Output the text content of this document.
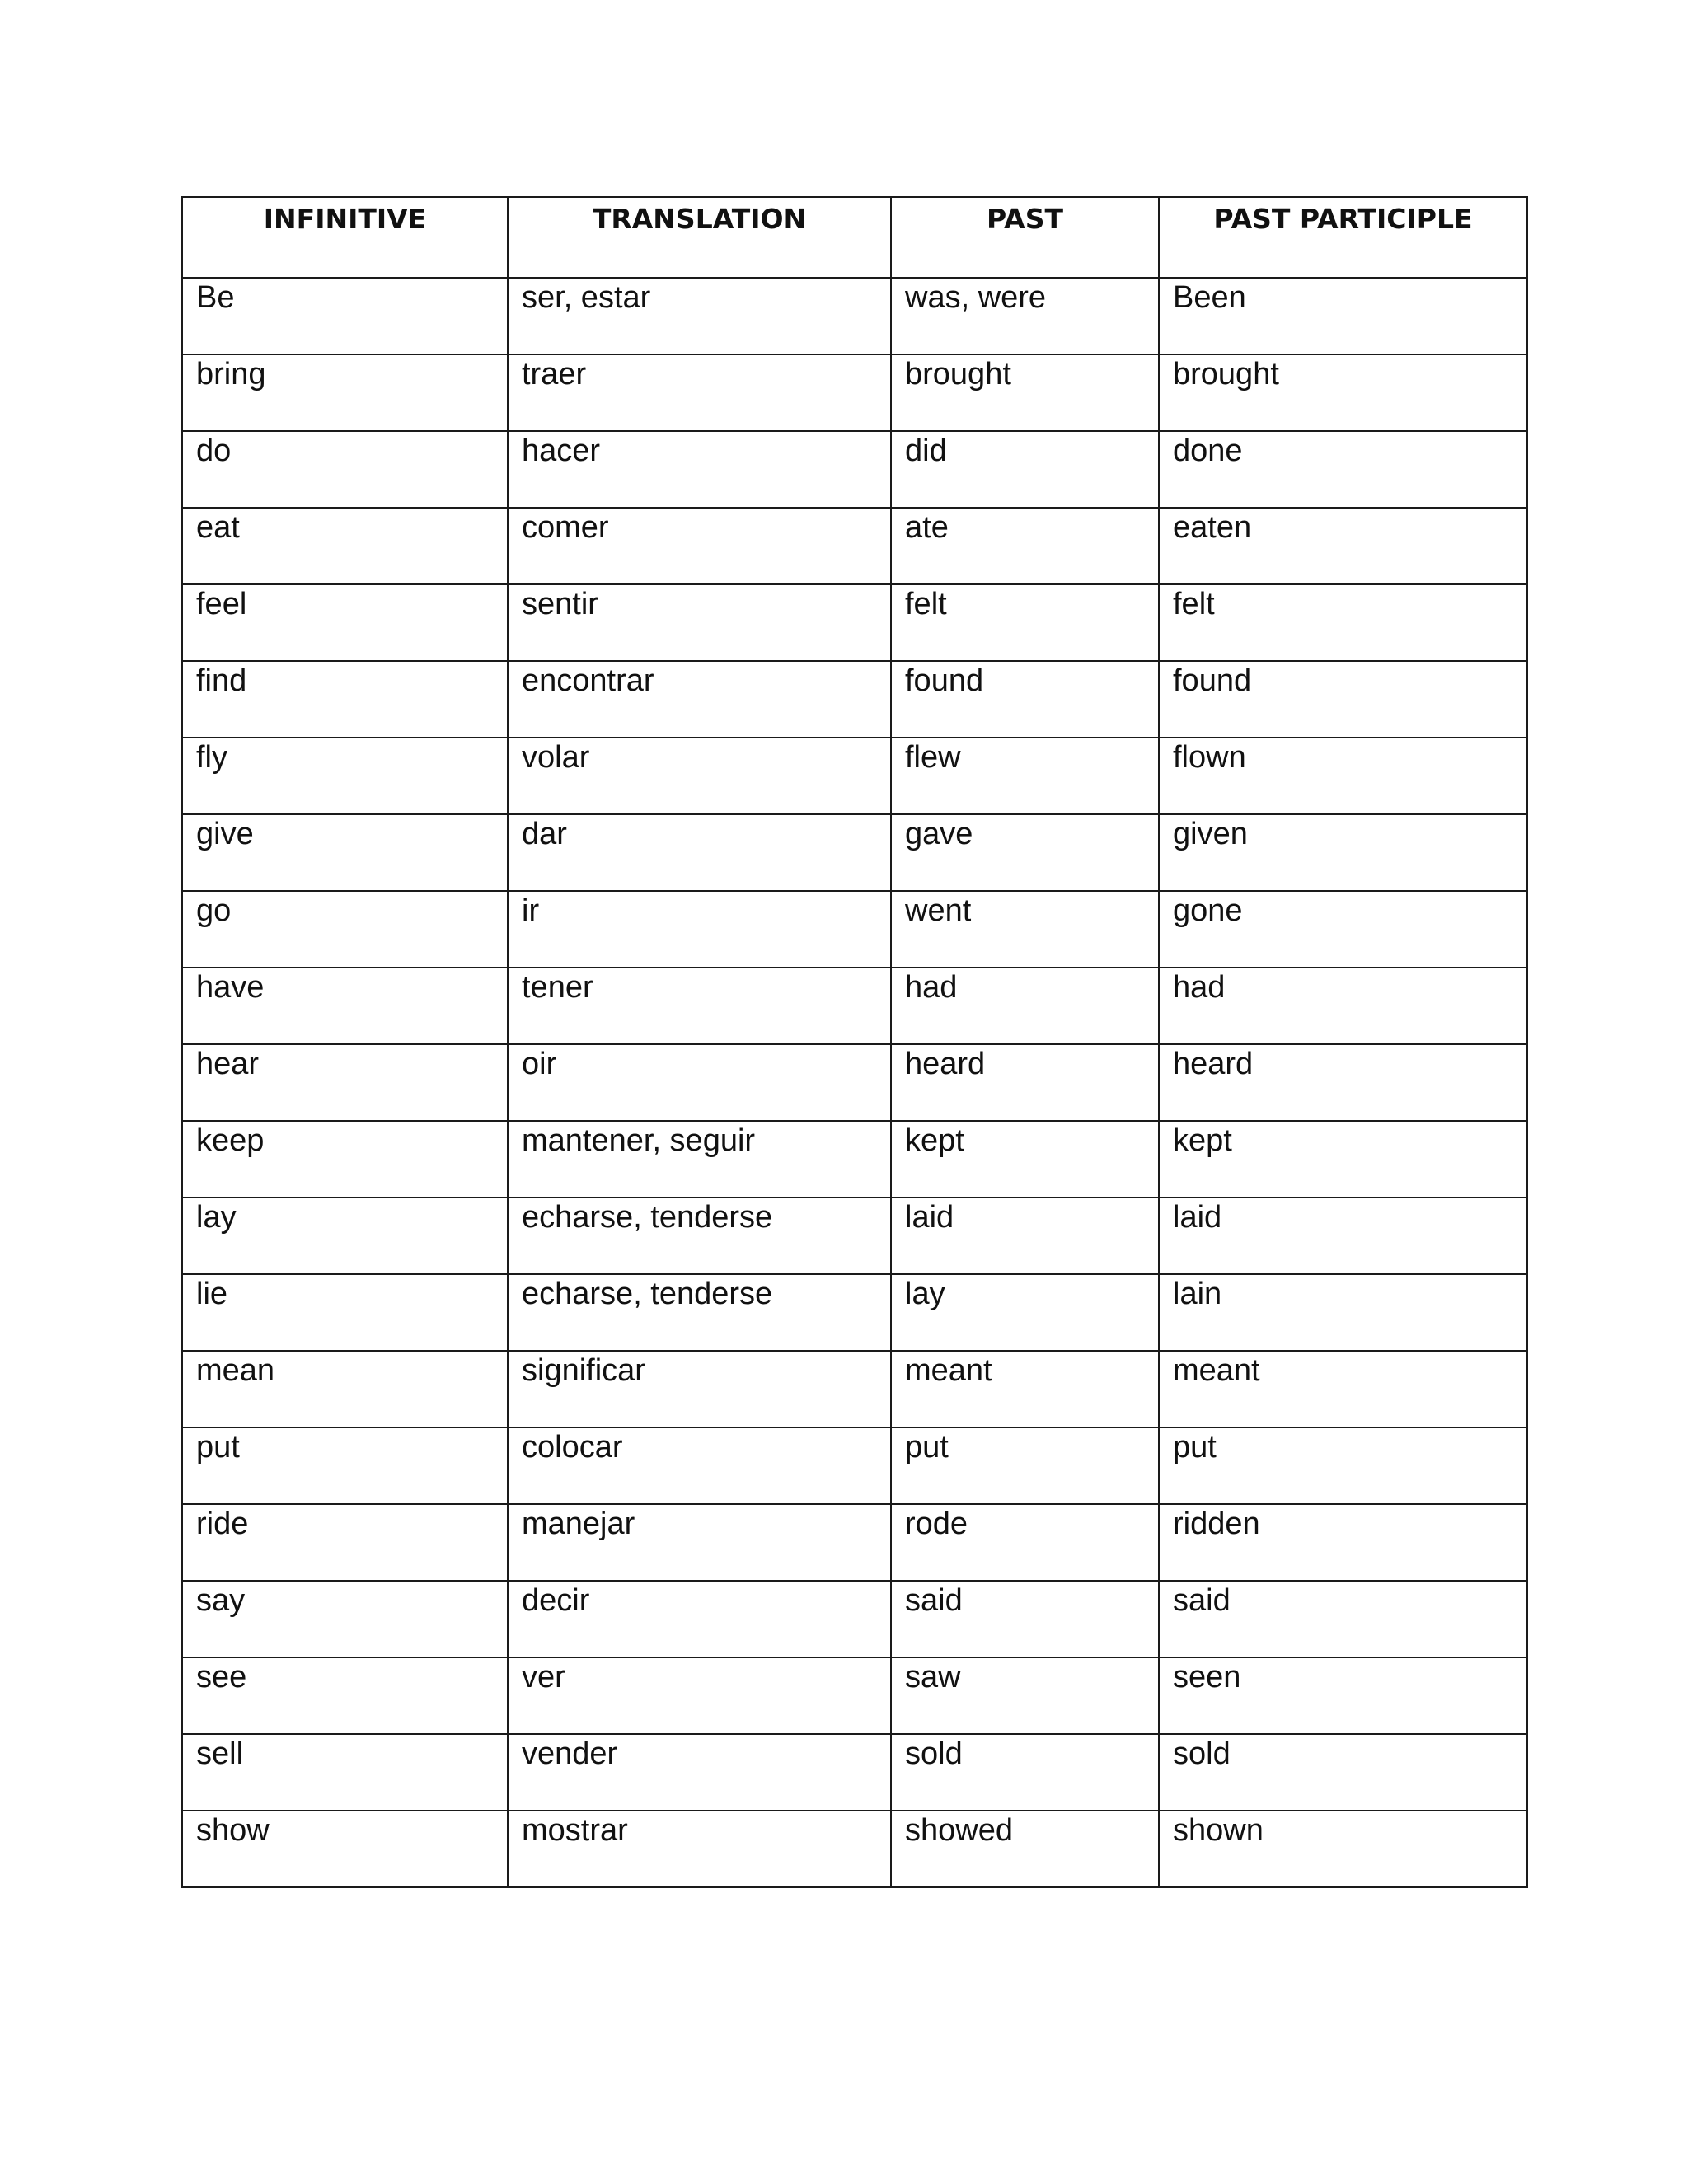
INFINITIVE	TRANSLATION	PAST	PAST PARTICIPLE
Be	ser, estar	was, were	Been
bring	traer	brought	brought
do	hacer	did	done
eat	comer	ate	eaten
feel	sentir	felt	felt
find	encontrar	found	found
fly	volar	flew	flown
give	dar	gave	given
go	ir	went	gone
have	tener	had	had
hear	oir	heard	heard
keep	mantener, seguir	kept	kept
lay	echarse, tenderse	laid	laid
lie	echarse, tenderse	lay	lain
mean	significar	meant	meant
put	colocar	put	put
ride	manejar	rode	ridden
say	decir	said	said
see	ver	saw	seen
sell	vender	sold	sold
show	mostrar	showed	shown
